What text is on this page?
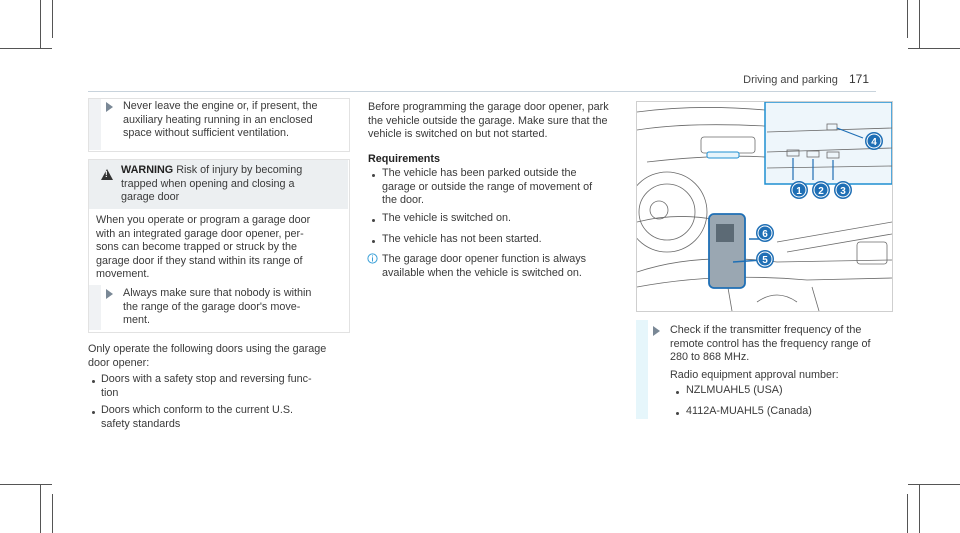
Driving and parking 171
Never leave the engine or, if present, the
auxiliary heating running in an enclosed
space without sufficient ventilation.
!
WARNING Risk of injury by becoming
trapped when opening and closing a
garage door
When you operate or program a garage door
with an integrated garage door opener, per-
sons can become trapped or struck by the
garage door if they stand within its range of
movement.
Always make sure that nobody is within
the range of the garage door's move-
ment.
Only operate the following doors using the garage
door opener:
Doors with a safety stop and reversing func-
tion
Doors which conform to the current U.S.
safety standards
Before programming the garage door opener, park
the vehicle outside the garage. Make sure that the
vehicle is switched on but not started.
Requirements
The vehicle has been parked outside the
garage or outside the range of movement of
the door.
The vehicle is switched on.
The vehicle has not been started.
The garage door opener function is always
available when the vehicle is switched on.
1 2 3
4
5
6
Check if the transmitter frequency of the
remote control has the frequency range of
280 to 868 MHz.
Radio equipment approval number:
NZLMUAHL5 (USA)
4112A-MUAHL5 (Canada)
